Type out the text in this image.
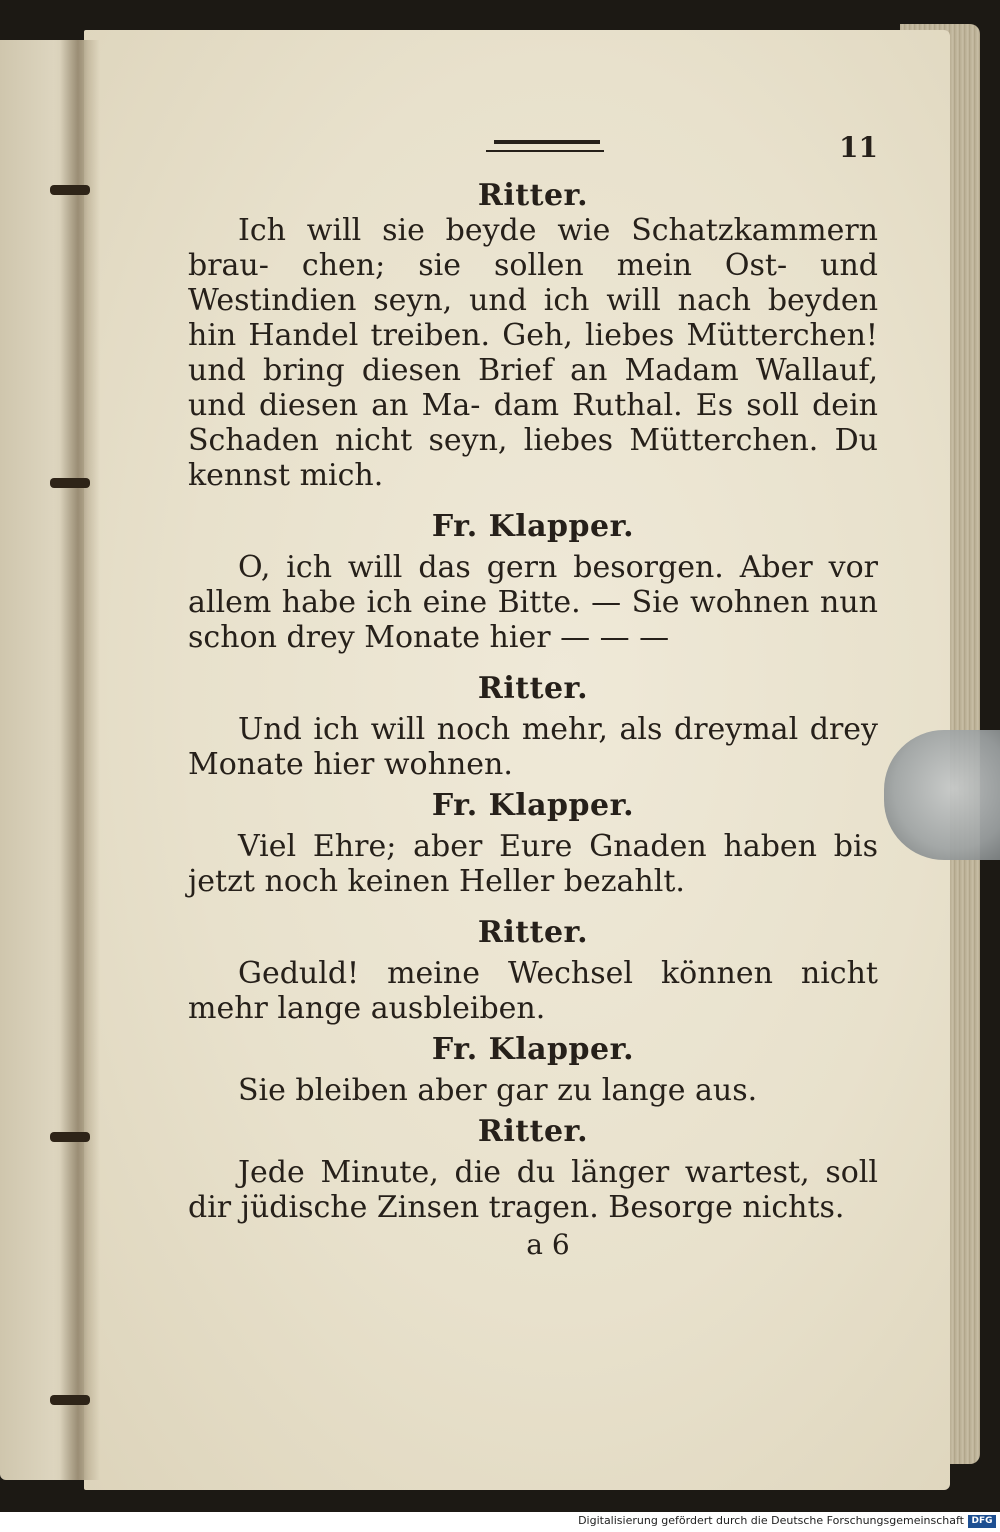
11
Ritter.

Ich will sie beyde wie Schatzkammern brau- chen; sie sollen mein Ost- und Westindien seyn, und ich will nach beyden hin Handel treiben. Geh, liebes Mütterchen! und bring diesen Brief an Madam Wallauf, und diesen an Ma- dam Ruthal. Es soll dein Schaden nicht seyn, liebes Mütterchen. Du kennst mich.

Fr. Klapper.

O, ich will das gern besorgen. Aber vor allem habe ich eine Bitte. — Sie wohnen nun schon drey Monate hier — — —

Ritter.

Und ich will noch mehr, als dreymal drey Monate hier wohnen.

Fr. Klapper.

Viel Ehre; aber Eure Gnaden haben bis jetzt noch keinen Heller bezahlt.

Ritter.

Geduld! meine Wechsel können nicht mehr lange ausbleiben.

Fr. Klapper.

Sie bleiben aber gar zu lange aus.

Ritter.

Jede Minute, die du länger wartest, soll dir jüdische Zinsen tragen. Besorge nichts.

a 6
Digitalisierung gefördert durch die Deutsche Forschungsgemeinschaft DFG
